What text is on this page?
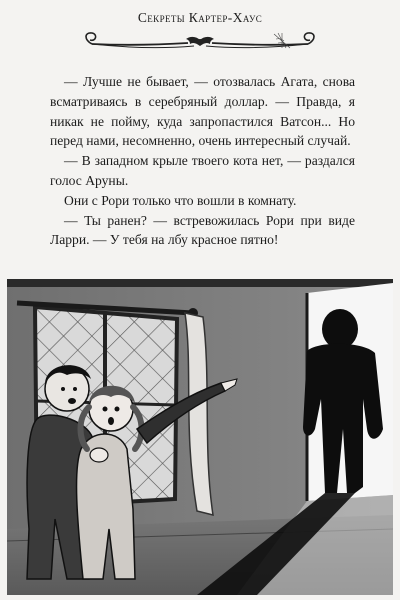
Секреты Картер-Хаус

— Лучше не бывает, — отозвалась Агата, снова всматриваясь в серебряный доллар. — Правда, я никак не пойму, куда запропастился Ватсон... Но перед нами, несомненно, очень интересный случай.

— В западном крыле твоего кота нет, — раздался голос Аруны.

Они с Рори только что вошли в комнату.

— Ты ранен? — встревожилась Рори при виде Ларри. — У тебя на лбу красное пятно!
